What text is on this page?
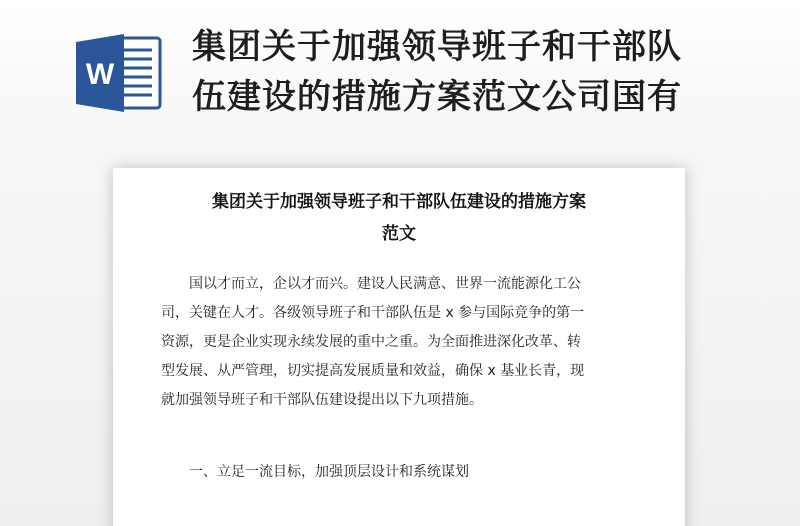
W
集团关于加强领导班子和干部队
伍建设的措施方案范文公司国有
集团关于加强领导班子和干部队伍建设的措施方案
范文
国以才而立，企以才而兴。建设人民满意、世界一流能源化工公
司，关键在人才。各级领导班子和干部队伍是 x 参与国际竞争的第一
资源，更是企业实现永续发展的重中之重。为全面推进深化改革、转
型发展、从严管理，切实提高发展质量和效益，确保 x 基业长青，现
就加强领导班子和干部队伍建设提出以下九项措施。
一、立足一流目标，加强顶层设计和系统谋划
